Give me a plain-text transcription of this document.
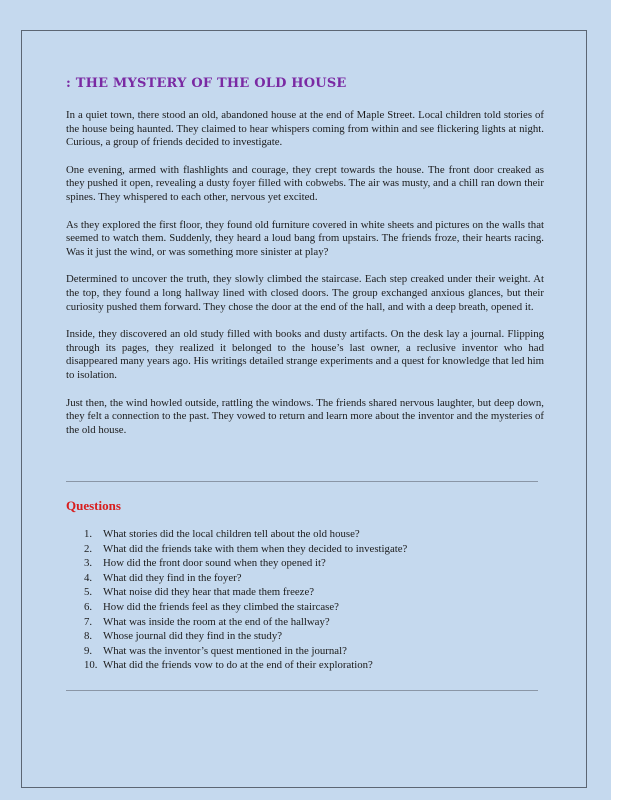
: THE MYSTERY OF THE OLD HOUSE

In a quiet town, there stood an old, abandoned house at the end of Maple Street. Local children told stories of the house being haunted. They claimed to hear whispers coming from within and see flickering lights at night. Curious, a group of friends decided to investigate.

One evening, armed with flashlights and courage, they crept towards the house. The front door creaked as they pushed it open, revealing a dusty foyer filled with cobwebs. The air was musty, and a chill ran down their spines. They whispered to each other, nervous yet excited.

As they explored the first floor, they found old furniture covered in white sheets and pictures on the walls that seemed to watch them. Suddenly, they heard a loud bang from upstairs. The friends froze, their hearts racing. Was it just the wind, or was something more sinister at play?

Determined to uncover the truth, they slowly climbed the staircase. Each step creaked under their weight. At the top, they found a long hallway lined with closed doors. The group exchanged anxious glances, but their curiosity pushed them forward. They chose the door at the end of the hall, and with a deep breath, opened it.

Inside, they discovered an old study filled with books and dusty artifacts. On the desk lay a journal. Flipping through its pages, they realized it belonged to the house’s last owner, a reclusive inventor who had disappeared many years ago. His writings detailed strange experiments and a quest for knowledge that led him to isolation.

Just then, the wind howled outside, rattling the windows. The friends shared nervous laughter, but deep down, they felt a connection to the past. They vowed to return and learn more about the inventor and the mysteries of the old house.

Questions
1. What stories did the local children tell about the old house?
2. What did the friends take with them when they decided to investigate?
3. How did the front door sound when they opened it?
4. What did they find in the foyer?
5. What noise did they hear that made them freeze?
6. How did the friends feel as they climbed the staircase?
7. What was inside the room at the end of the hallway?
8. Whose journal did they find in the study?
9. What was the inventor’s quest mentioned in the journal?
10. What did the friends vow to do at the end of their exploration?
